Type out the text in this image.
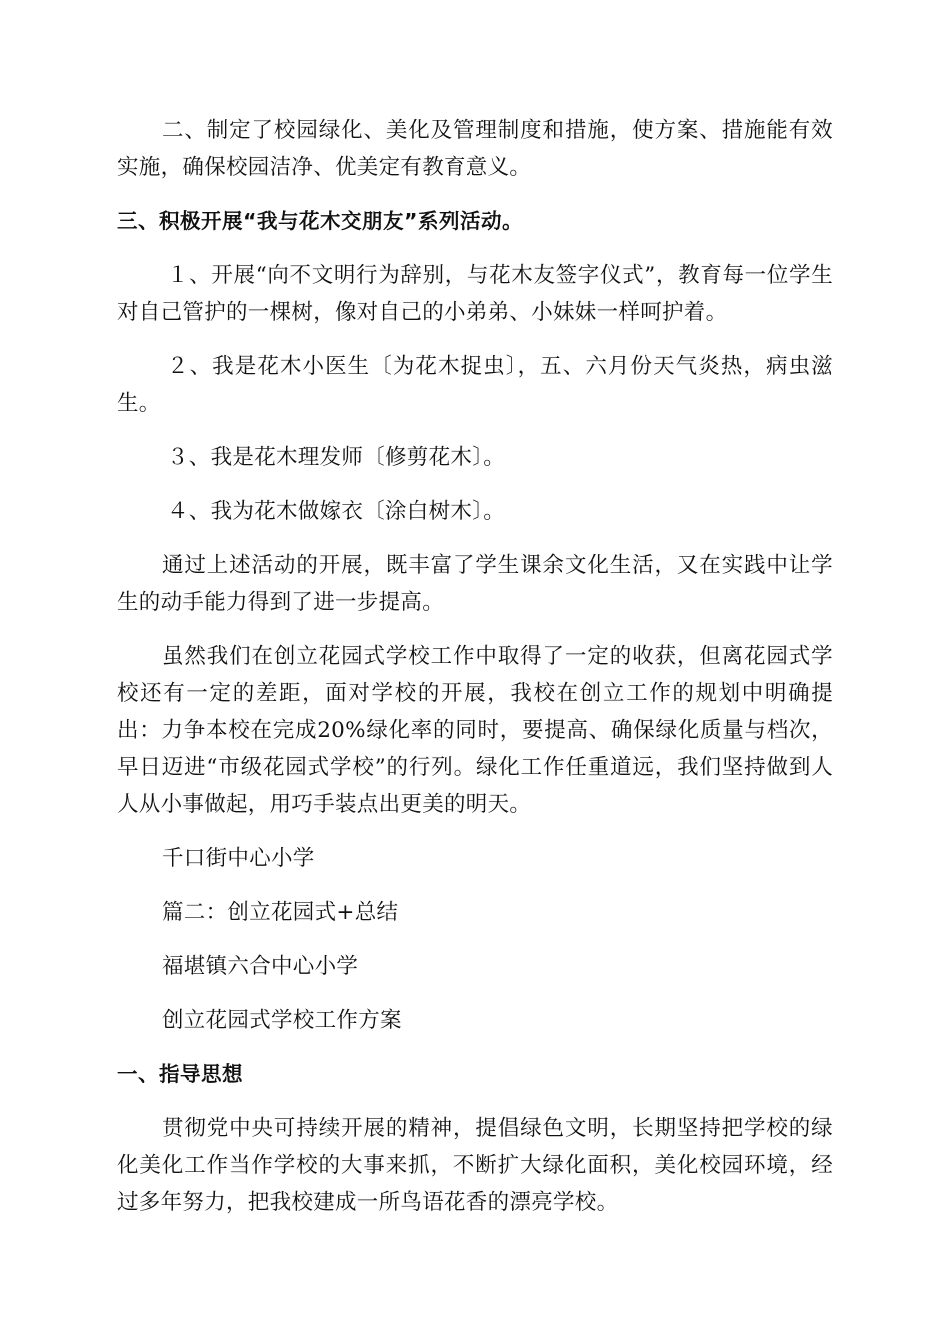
二、制定了校园绿化、美化及管理制度和措施，使方案、措施能有效实施，确保校园洁净、优美定有教育意义。

三、积极开展“我与花木交朋友”系列活动。

１、开展“向不文明行为辞别，与花木友签字仪式”，教育每一位学生对自己管护的一棵树，像对自己的小弟弟、小妹妹一样呵护着。

２、我是花木小医生〔为花木捉虫〕，五、六月份天气炎热，病虫滋生。

３、我是花木理发师〔修剪花木〕。

４、我为花木做嫁衣〔涂白树木〕。

通过上述活动的开展，既丰富了学生课余文化生活，又在实践中让学生的动手能力得到了进一步提高。

虽然我们在创立花园式学校工作中取得了一定的收获，但离花园式学校还有一定的差距，面对学校的开展，我校在创立工作的规划中明确提出：力争本校在完成20%绿化率的同时，要提高、确保绿化质量与档次，早日迈进“市级花园式学校”的行列。绿化工作任重道远，我们坚持做到人人从小事做起，用巧手装点出更美的明天。

千口街中心小学

篇二：创立花园式+总结

福堪镇六合中心小学

创立花园式学校工作方案

一、指导思想

贯彻党中央可持续开展的精神，提倡绿色文明，长期坚持把学校的绿化美化工作当作学校的大事来抓，不断扩大绿化面积，美化校园环境，经过多年努力，把我校建成一所鸟语花香的漂亮学校。
